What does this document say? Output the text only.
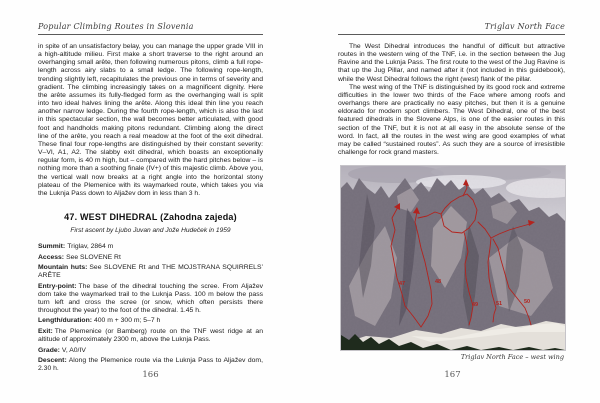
Popular Climbing Routes in Slovenia

in spite of an unsatisfactory belay, you can manage the upper grade VIII in a high-altitude milieu. First make a short traverse to the right around an overhanging small arête, then following numerous pitons, climb a full rope-length across airy slabs to a small ledge. The following rope-length, trending slightly left, recapitulates the previous one in terms of severity and gradient. The climbing increasingly takes on a magnificent dignity. Here the arête assumes its fully-fledged form as the overhanging wall is split into two ideal halves lining the arête. Along this ideal thin line you reach another narrow ledge. During the fourth rope-length, which is also the last in this spectacular section, the wall becomes better articulated, with good foot and handholds making pitons redundant. Climbing along the direct line of the arête, you reach a real meadow at the foot of the exit dihedral. These final four rope-lengths are distinguished by their constant severity: V–VI, A1, A2. The slabby exit dihedral, which boasts an exceptionally regular form, is 40 m high, but – compared with the hard pitches below – is nothing more than a soothing finale (IV+) of this majestic climb. Above you, the vertical wall now breaks at a right angle into the horizontal stony plateau of the Plemenice with its waymarked route, which takes you via the Luknja Pass down to Aljažev dom in less than 3 h.

47. WEST DIHEDRAL (Zahodna zajeda)
First ascent by Ljubo Juvan and Jože Hudeček in 1959
Summit: Triglav, 2864 m
Access: See SLOVENE Rt
Mountain huts: See SLOVENE Rt and THE MOJSTRANA SQUIRRELS’ ARÊTE
Entry-point: The base of the dihedral touching the scree. From Aljažev dom take the waymarked trail to the Luknja Pass. 100 m below the pass turn left and cross the scree (or snow, which often persists there throughout the year) to the foot of the dihedral. 1.45 h.
Length/duration: 400 m + 300 m; 5–7 h
Exit: The Plemenice (or Bamberg) route on the TNF west ridge at an altitude of approximately 2300 m, above the Luknja Pass.
Grade: V, A0/IV
Descent: Along the Plemenice route via the Luknja Pass to Aljažev dom, 2.30 h.
166
Triglav North Face

The West Dihedral introduces the handful of difficult but attractive routes in the western wing of the TNF, i.e. in the section between the Jug Ravine and the Luknja Pass. The first route to the west of the Jug Ravine is that up the Jug Pillar, and named after it (not included in this guidebook), while the West Dihedral follows the right (west) flank of the pillar.

The west wing of the TNF is distinguished by its good rock and extreme difficulties in the lower two thirds of the Face where among roofs and overhangs there are practically no easy pitches, but then it is a genuine eldorado for modern sport climbers. The West Dihedral, one of the best featured dihedrals in the Slovene Alps, is one of the easier routes in this section of the TNF, but it is not at all easy in the absolute sense of the word. In fact, all the routes in the west wing are good examples of what may be called “sustained routes”. As such they are a source of irresistible challenge for rock grand masters.

47	48
49	51	50
Triglav North Face – west wing
167
